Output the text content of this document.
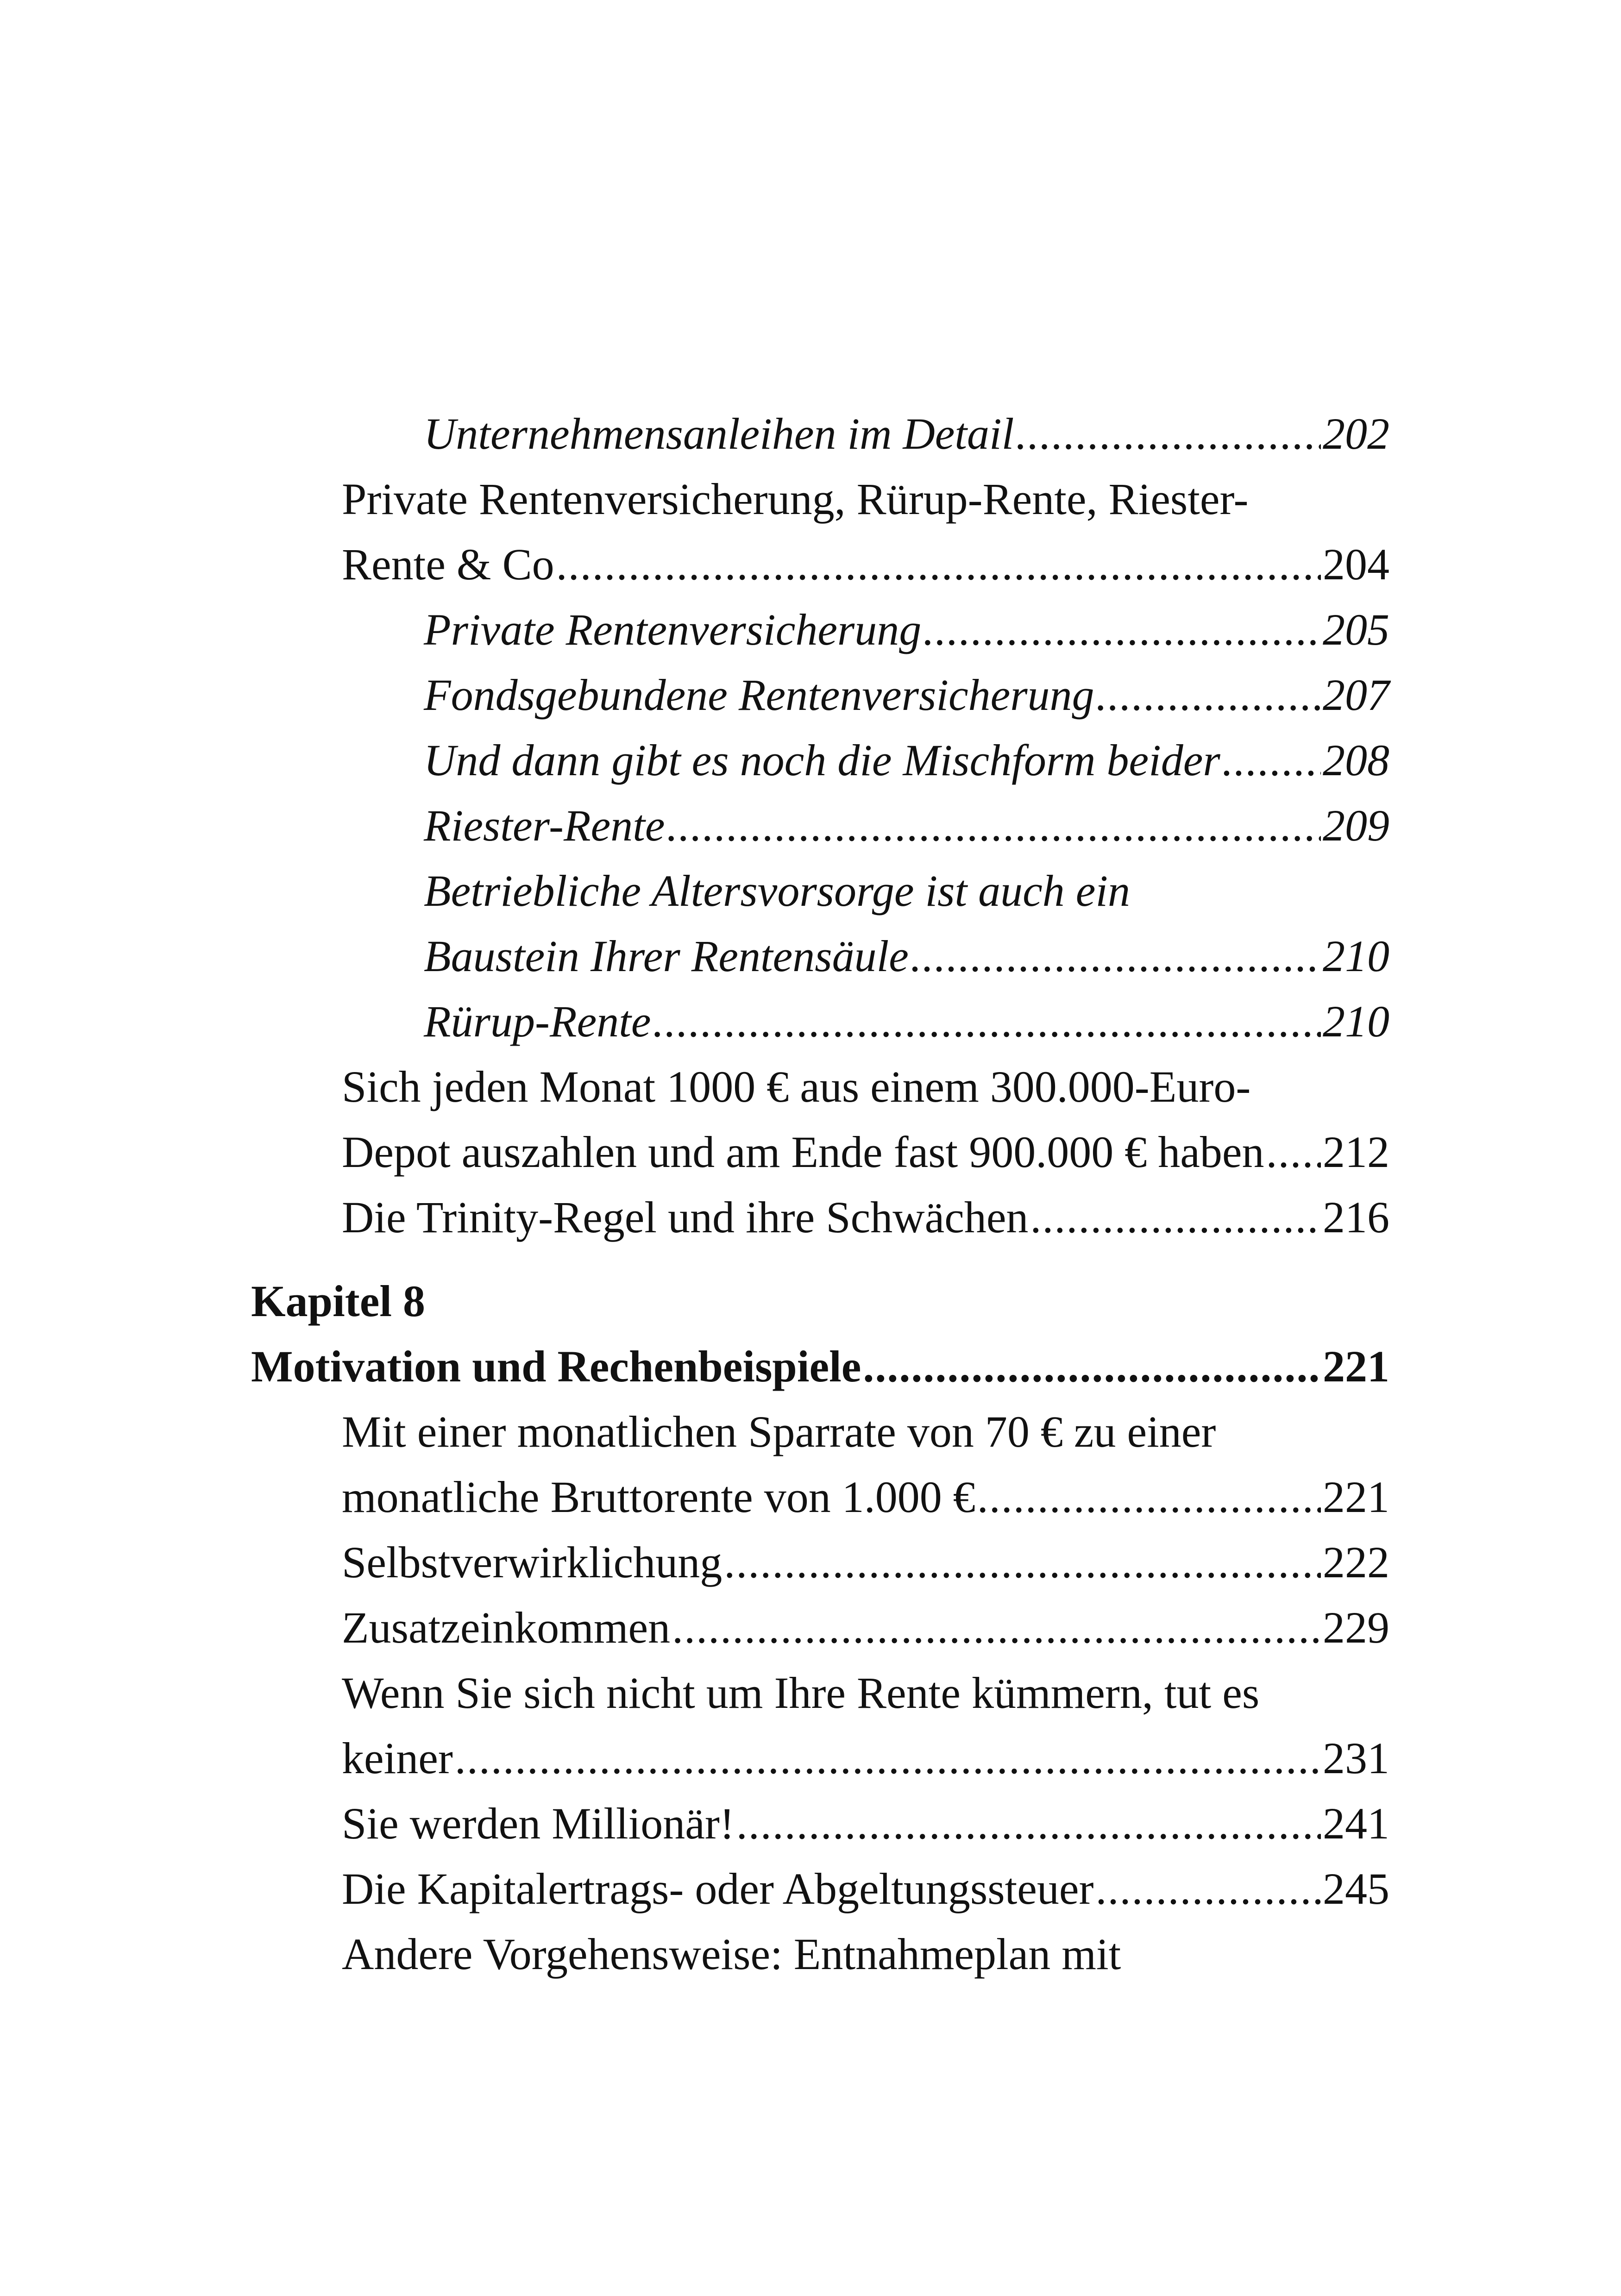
Unternehmensanleihen im Detail .....	202
Private Rentenversicherung, Rürup-Rente, Riester-
Rente & Co .....	204
Private Rentenversicherung .....	205
Fondsgebundene Rentenversicherung .....	207
Und dann gibt es noch die Mischform beider ..... 208
Riester-Rente .....	209
Betriebliche Altersvorsorge ist auch ein
Baustein Ihrer Rentensäule .....	210
Rürup-Rente .....	210
Sich jeden Monat 1000 € aus einem 300.000-Euro-
Depot auszahlen und am Ende fast 900.000 € haben ..... 212
Die Trinity-Regel und ihre Schwächen .....	216
Kapitel 8
Motivation und Rechenbeispiele .....	221
Mit einer monatlichen Sparrate von 70 € zu einer
monatliche Bruttorente von 1.000 € .....	221
Selbstverwirklichung .....	222
Zusatzeinkommen .....	229
Wenn Sie sich nicht um Ihre Rente kümmern, tut es
keiner .....	231
Sie werden Millionär! .....	241
Die Kapitalertrags- oder Abgeltungssteuer .....	245
Andere Vorgehensweise: Entnahmeplan mit
